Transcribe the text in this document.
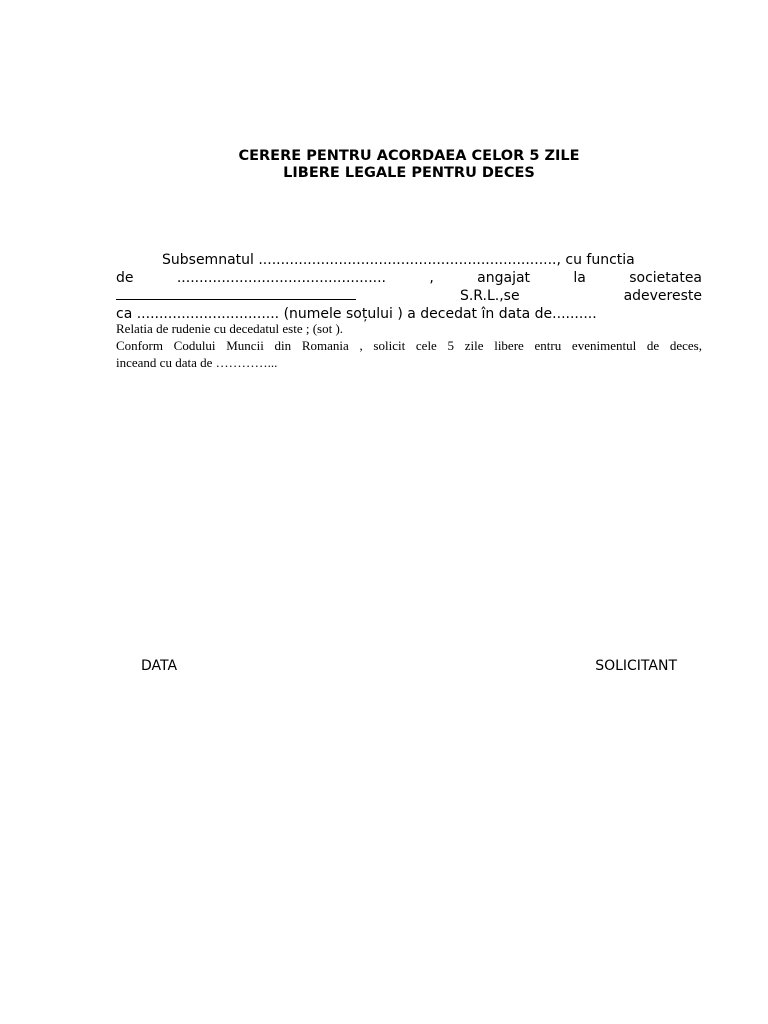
CERERE PENTRU ACORDAEA CELOR 5 ZILE
LIBERE LEGALE PENTRU DECES
Subsemnatul ..................................................................., cu functia
de	...............................................	,	angajat	la	societatea
S.R.L.,se	adevereste
ca ................................ (numele soțului ) a decedat în data de..........
Relatia de rudenie cu decedatul este ; (sot ).
Conform Codului Muncii din Romania , solicit cele 5 zile libere entru evenimentul de deces,
inceand cu data de …………...
DATA	SOLICITANT
